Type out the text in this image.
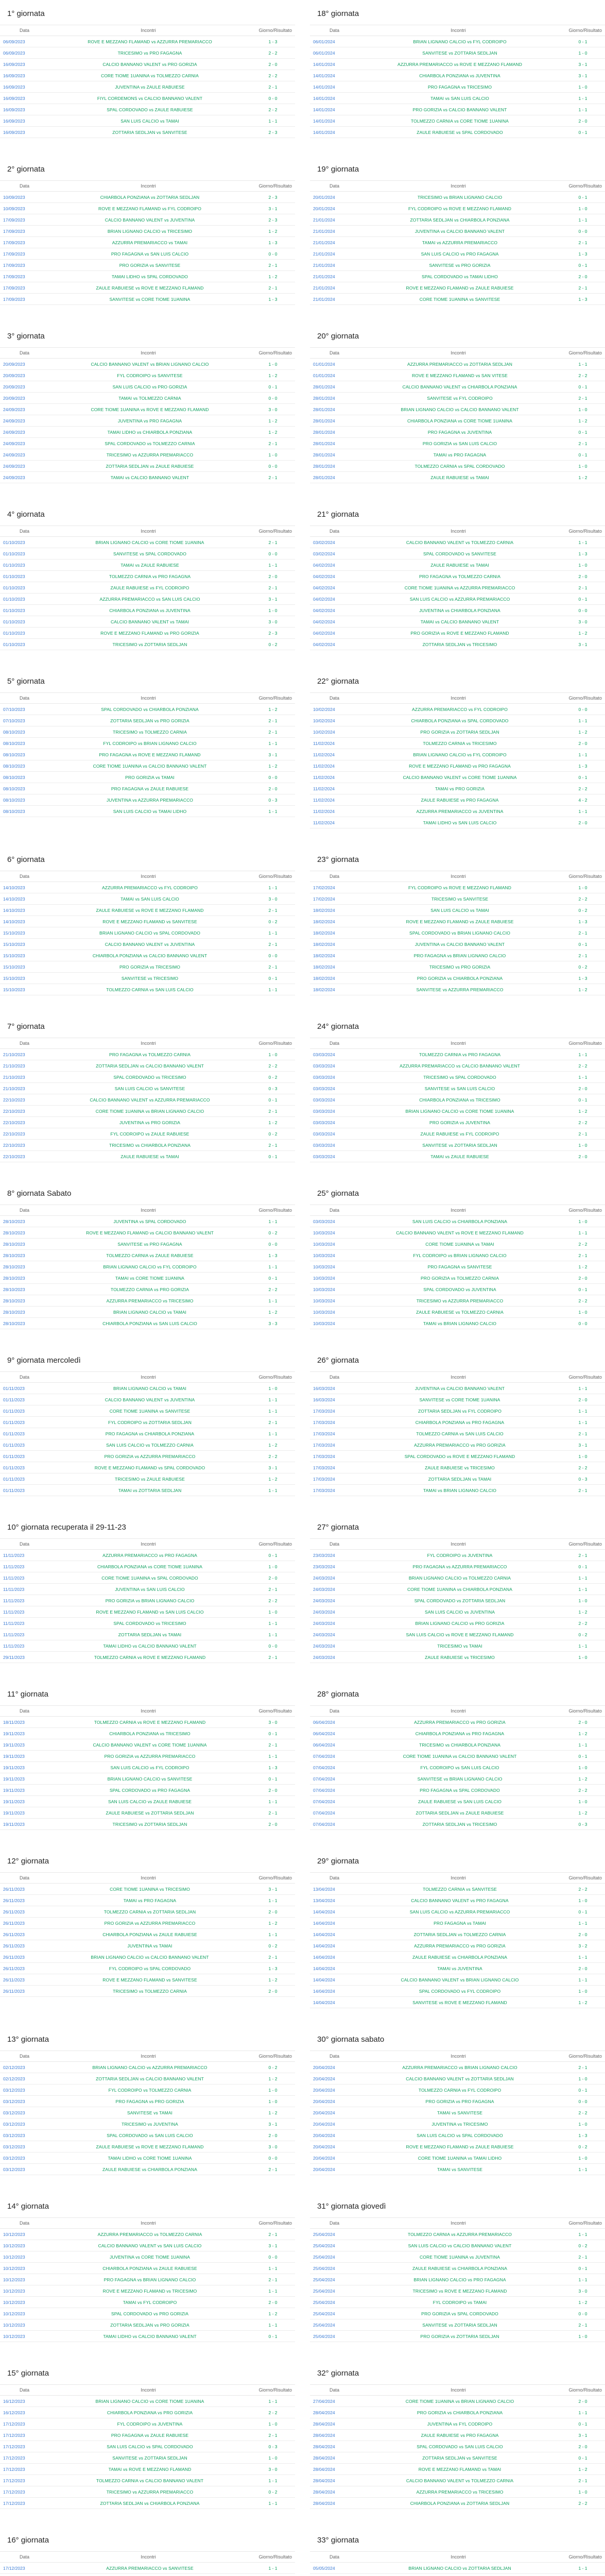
1° giornata
Data	Incontri	Giorno/Risultato
06/09/2023	ROVE E MEZZANO FLAMAND vs AZZURRA PREMARIACCO	1 - 3
06/09/2023	TRICESIMO vs PRO FAGAGNA	2 - 2
16/09/2023	CALCIO BANNANO VALENT vs PRO GORIZIA	2 - 0
16/09/2023	CORE TIOME 1UANINA vs TOLMEZZO CARNIA	2 - 2
16/09/2023	JUVENTINA vs ZAULE RABUIESE	2 - 1
16/09/2023	FIYL CORDEMONS vs CALCIO BANNANO VALENT	0 - 0
16/09/2023	SPAL CORDOVADO vs ZAULE RABUIESE	2 - 2
16/09/2023	SAN LUIS CALCIO vs TAMAI	1 - 1
16/09/2023	ZOTTARIA SEDLJAN vs SANVITESE	2 - 3
18° giornata
Data	Incontri	Giorno/Risultato
06/01/2024	BRIAN LIGNANO CALCIO vs FYL CODROIPO	0 - 1
06/01/2024	SANVITESE vs ZOTTARIA SEDLJAN	1 - 0
14/01/2024	AZZURRA PREMARIACCO vs ROVE E MEZZANO FLAMAND	3 - 1
14/01/2024	CHIARBOLA PONZIANA vs JUVENTINA	3 - 1
14/01/2024	PRO FAGAGNA vs TRICESIMO	1 - 0
14/01/2024	TAMAI vs SAN LUIS CALCIO	1 - 1
14/01/2024	PRO GORIZIA vs CALCIO BANNANO VALENT	1 - 1
14/01/2024	TOLMEZZO CARNIA vs CORE TIOME 1UANINA	2 - 0
14/01/2024	ZAULE RABUIESE vs SPAL CORDOVADO	0 - 1
2° giornata
Data	Incontri	Giorno/Risultato
10/09/2023	CHIARBOLA PONZIANA vs ZOTTARIA SEDLJAN	2 - 3
10/09/2023	ROVE E MEZZANO FLAMAND vs FYL CODROIPO	3 - 1
17/09/2023	CALCIO BANNANO VALENT vs JUVENTINA	2 - 3
17/09/2023	BRIAN LIGNANO CALCIO vs TRICESIMO	1 - 2
17/09/2023	AZZURRA PREMARIACCO vs TAMAI	1 - 3
17/09/2023	PRO FAGAGNA vs SAN LUIS CALCIO	0 - 0
17/09/2023	PRO GORIZIA vs SANVITESE	2 - 1
17/09/2023	TAMAI LIDHO vs SPAL CORDOVADO	1 - 2
17/09/2023	ZAULE RABUIESE vs ROVE E MEZZANO FLAMAND	2 - 1
17/09/2023	SANVITESE vs CORE TIOME 1UANINA	1 - 3
19° giornata
Data	Incontri	Giorno/Risultato
20/01/2024	TRICESIMO vs BRIAN LIGNANO CALCIO	0 - 1
20/01/2024	FYL CODROIPO vs ROVE E MEZZANO FLAMAND	1 - 0
21/01/2024	ZOTTARIA SEDLJAN vs CHIARBOLA PONZIANA	1 - 1
21/01/2024	JUVENTINA vs CALCIO BANNANO VALENT	0 - 0
21/01/2024	TAMAI vs AZZURRA PREMARIACCO	2 - 1
21/01/2024	SAN LUIS CALCIO vs PRO FAGAGNA	1 - 3
21/01/2024	SANVITESE vs PRO GORIZIA	0 - 1
21/01/2024	SPAL CORDOVADO vs TAMAI LIDHO	2 - 0
21/01/2024	ROVE E MEZZANO FLAMAND vs ZAULE RABUIESE	2 - 1
21/01/2024	CORE TIOME 1UANINA vs SANVITESE	1 - 3
3° giornata
Data	Incontri	Giorno/Risultato
20/09/2023	CALCIO BANNANO VALENT vs BRIAN LIGNANO CALCIO	1 - 0
20/09/2023	FYL CODROIPO vs SANVITESE	1 - 2
20/09/2023	SAN LUIS CALCIO vs PRO GORIZIA	0 - 1
20/09/2023	TAMAI vs TOLMEZZO CARNIA	0 - 0
24/09/2023	CORE TIOME 1UANINA vs ROVE E MEZZANO FLAMAND	3 - 0
24/09/2023	JUVENTINA vs PRO FAGAGNA	1 - 2
24/09/2023	TAMAI LIDHO vs CHIARBOLA PONZIANA	1 - 2
24/09/2023	SPAL CORDOVADO vs TOLMEZZO CARNIA	2 - 1
24/09/2023	TRICESIMO vs AZZURRA PREMARIACCO	1 - 0
24/09/2023	ZOTTARIA SEDLJAN vs ZAULE RABUIESE	0 - 0
24/09/2023	TAMAI vs CALCIO BANNANO VALENT	2 - 1
20° giornata
Data	Incontri	Giorno/Risultato
01/01/2024	AZZURRA PREMARIACCO vs ZOTTARIA SEDLJAN	1 - 1
01/01/2024	ROVE E MEZZANO FLAMAND vs SAN VITESE	2 - 2
28/01/2024	CALCIO BANNANO VALENT vs CHIARBOLA PONZIANA	0 - 1
28/01/2024	SANVITESE vs FYL CODROIPO	2 - 1
28/01/2024	BRIAN LIGNANO CALCIO vs CALCIO BANNANO VALENT	1 - 0
28/01/2024	CHIARBOLA PONZIANA vs CORE TIOME 1UANINA	1 - 2
28/01/2024	PRO FAGAGNA vs JUVENTINA	0 - 1
28/01/2024	PRO GORIZIA vs SAN LUIS CALCIO	2 - 1
28/01/2024	TAMAI vs PRO FAGAGNA	0 - 1
28/01/2024	TOLMEZZO CARNIA vs SPAL CORDOVADO	1 - 0
28/01/2024	ZAULE RABUIESE vs TAMAI	1 - 2
4° giornata
Data	Incontri	Giorno/Risultato
01/10/2023	BRIAN LIGNANO CALCIO vs CORE TIOME 1UANINA	2 - 1
01/10/2023	SANVITESE vs SPAL CORDOVADO	0 - 0
01/10/2023	TAMAI vs ZAULE RABUIESE	1 - 1
01/10/2023	TOLMEZZO CARNIA vs PRO FAGAGNA	2 - 0
01/10/2023	ZAULE RABUIESE vs FYL CODROIPO	2 - 1
01/10/2023	AZZURRA PREMARIACCO vs SAN LUIS CALCIO	3 - 1
01/10/2023	CHIARBOLA PONZIANA vs JUVENTINA	1 - 0
01/10/2023	CALCIO BANNANO VALENT vs TAMAI	3 - 0
01/10/2023	ROVE E MEZZANO FLAMAND vs PRO GORIZIA	2 - 3
01/10/2023	TRICESIMO vs ZOTTARIA SEDLJAN	0 - 2
21° giornata
Data	Incontri	Giorno/Risultato
03/02/2024	CALCIO BANNANO VALENT vs TOLMEZZO CARNIA	1 - 1
03/02/2024	SPAL CORDOVADO vs SANVITESE	1 - 3
04/02/2024	ZAULE RABUIESE vs TAMAI	1 - 0
04/02/2024	PRO FAGAGNA vs TOLMEZZO CARNIA	2 - 0
04/02/2024	CORE TIOME 1UANINA vs AZZURRA PREMARIACCO	2 - 1
04/02/2024	SAN LUIS CALCIO vs AZZURRA PREMARIACCO	0 - 1
04/02/2024	JUVENTINA vs CHIARBOLA PONZIANA	0 - 0
04/02/2024	TAMAI vs CALCIO BANNANO VALENT	3 - 0
04/02/2024	PRO GORIZIA vs ROVE E MEZZANO FLAMAND	1 - 2
04/02/2024	ZOTTARIA SEDLJAN vs TRICESIMO	3 - 1
5° giornata
Data	Incontri	Giorno/Risultato
07/10/2023	SPAL CORDOVADO vs CHIARBOLA PONZIANA	1 - 2
07/10/2023	ZOTTARIA SEDLJAN vs PRO GORIZIA	2 - 1
08/10/2023	TRICESIMO vs TOLMEZZO CARNIA	2 - 1
08/10/2023	FYL CODROIPO vs BRIAN LIGNANO CALCIO	1 - 1
08/10/2023	PRO FAGAGNA vs ROVE E MEZZANO FLAMAND	3 - 1
08/10/2023	CORE TIOME 1UANINA vs CALCIO BANNANO VALENT	1 - 2
08/10/2023	PRO GORIZIA vs TAMAI	0 - 0
08/10/2023	PRO FAGAGNA vs ZAULE RABUIESE	2 - 0
08/10/2023	JUVENTINA vs AZZURRA PREMARIACCO	0 - 3
08/10/2023	SAN LUIS CALCIO vs TAMAI LIDHO	1 - 1
22° giornata
Data	Incontri	Giorno/Risultato
10/02/2024	AZZURRA PREMARIACCO vs FYL CODROIPO	0 - 0
10/02/2024	CHIARBOLA PONZIANA vs SPAL CORDOVADO	1 - 1
10/02/2024	PRO GORIZIA vs ZOTTARIA SEDLJAN	1 - 2
11/02/2024	TOLMEZZO CARNIA vs TRICESIMO	2 - 0
11/02/2024	BRIAN LIGNANO CALCIO vs FYL CODROIPO	1 - 1
11/02/2024	ROVE E MEZZANO FLAMAND vs PRO FAGAGNA	1 - 3
11/02/2024	CALCIO BANNANO VALENT vs CORE TIOME 1UANINA	0 - 1
11/02/2024	TAMAI vs PRO GORIZIA	2 - 2
11/02/2024	ZAULE RABUIESE vs PRO FAGAGNA	4 - 2
11/02/2024	AZZURRA PREMARIACCO vs JUVENTINA	1 - 1
11/02/2024	TAMAI LIDHO vs SAN LUIS CALCIO	2 - 0
6° giornata
Data	Incontri	Giorno/Risultato
14/10/2023	AZZURRA PREMARIACCO vs FYL CODROIPO	1 - 1
14/10/2023	TAMAI vs SAN LUIS CALCIO	3 - 0
14/10/2023	ZAULE RABUIESE vs ROVE E MEZZANO FLAMAND	2 - 1
14/10/2023	ROVE E MEZZANO FLAMAND vs SANVITESE	0 - 2
15/10/2023	BRIAN LIGNANO CALCIO vs SPAL CORDOVADO	1 - 1
15/10/2023	CALCIO BANNANO VALENT vs JUVENTINA	2 - 1
15/10/2023	CHIARBOLA PONZIANA vs CALCIO BANNANO VALENT	0 - 0
15/10/2023	PRO GORIZIA vs TRICESIMO	2 - 1
15/10/2023	SANVITESE vs TRICESIMO	0 - 1
15/10/2023	TOLMEZZO CARNIA vs SAN LUIS CALCIO	1 - 1
23° giornata
Data	Incontri	Giorno/Risultato
17/02/2024	FYL CODROIPO vs ROVE E MEZZANO FLAMAND	1 - 0
17/02/2024	TRICESIMO vs SANVITESE	2 - 2
18/02/2024	SAN LUIS CALCIO vs TAMAI	0 - 2
18/02/2024	ROVE E MEZZANO FLAMAND vs ZAULE RABUIESE	1 - 3
18/02/2024	SPAL CORDOVADO vs BRIAN LIGNANO CALCIO	2 - 1
18/02/2024	JUVENTINA vs CALCIO BANNANO VALENT	0 - 1
18/02/2024	PRO FAGAGNA vs BRIAN LIGNANO CALCIO	2 - 1
18/02/2024	TRICESIMO vs PRO GORIZIA	0 - 2
18/02/2024	PRO GORIZIA vs CHIARBOLA PONZIANA	1 - 3
18/02/2024	SANVITESE vs AZZURRA PREMARIACCO	1 - 2
7° giornata
Data	Incontri	Giorno/Risultato
21/10/2023	PRO FAGAGNA vs TOLMEZZO CARNIA	1 - 0
21/10/2023	ZOTTARIA SEDLJAN vs CALCIO BANNANO VALENT	2 - 2
21/10/2023	SPAL CORDOVADO vs TRICESIMO	0 - 2
21/10/2023	SAN LUIS CALCIO vs SANVITESE	0 - 3
22/10/2023	CALCIO BANNANO VALENT vs AZZURRA PREMARIACCO	0 - 1
22/10/2023	CORE TIOME 1UANINA vs BRIAN LIGNANO CALCIO	2 - 1
22/10/2023	JUVENTINA vs PRO GORIZIA	1 - 2
22/10/2023	FYL CODROIPO vs ZAULE RABUIESE	0 - 2
22/10/2023	TRICESIMO vs CHIARBOLA PONZIANA	2 - 1
22/10/2023	ZAULE RABUIESE vs TAMAI	0 - 1
24° giornata
Data	Incontri	Giorno/Risultato
03/03/2024	TOLMEZZO CARNIA vs PRO FAGAGNA	1 - 1
03/03/2024	AZZURRA PREMARIACCO vs CALCIO BANNANO VALENT	2 - 2
03/03/2024	TRICESIMO vs SPAL CORDOVADO	1 - 1
03/03/2024	SANVITESE vs SAN LUIS CALCIO	2 - 0
03/03/2024	CHIARBOLA PONZIANA vs TRICESIMO	0 - 1
03/03/2024	BRIAN LIGNANO CALCIO vs CORE TIOME 1UANINA	1 - 2
03/03/2024	PRO GORIZIA vs JUVENTINA	2 - 2
03/03/2024	ZAULE RABUIESE vs FYL CODROIPO	2 - 1
03/03/2024	SANVITESE vs ZOTTARIA SEDLJAN	1 - 0
03/03/2024	TAMAI vs ZAULE RABUIESE	2 - 0
8° giornata Sabato
Data	Incontri	Giorno/Risultato
28/10/2023	JUVENTINA vs SPAL CORDOVADO	1 - 1
28/10/2023	ROVE E MEZZANO FLAMAND vs CALCIO BANNANO VALENT	0 - 2
28/10/2023	SANVITESE vs PRO FAGAGNA	0 - 0
28/10/2023	TOLMEZZO CARNIA vs ZAULE RABUIESE	1 - 3
28/10/2023	BRIAN LIGNANO CALCIO vs FYL CODROIPO	1 - 1
28/10/2023	TAMAI vs CORE TIOME 1UANINA	0 - 1
28/10/2023	TOLMEZZO CARNIA vs PRO GORIZIA	2 - 2
28/10/2023	AZZURRA PREMARIACCO vs TRICESIMO	1 - 1
28/10/2023	BRIAN LIGNANO CALCIO vs TAMAI	1 - 2
28/10/2023	CHIARBOLA PONZIANA vs SAN LUIS CALCIO	3 - 3
25° giornata
Data	Incontri	Giorno/Risultato
03/03/2024	SAN LUIS CALCIO vs CHIARBOLA PONZIANA	1 - 0
10/03/2024	CALCIO BANNANO VALENT vs ROVE E MEZZANO FLAMAND	1 - 1
10/03/2024	CORE TIOME 1UANINA vs TAMAI	2 - 2
10/03/2024	FYL CODROIPO vs BRIAN LIGNANO CALCIO	2 - 1
10/03/2024	PRO FAGAGNA vs SANVITESE	1 - 2
10/03/2024	PRO GORIZIA vs TOLMEZZO CARNIA	2 - 0
10/03/2024	SPAL CORDOVADO vs JUVENTINA	0 - 1
10/03/2024	TRICESIMO vs AZZURRA PREMARIACCO	2 - 2
10/03/2024	ZAULE RABUIESE vs TOLMEZZO CARNIA	1 - 0
10/03/2024	TAMAI vs BRIAN LIGNANO CALCIO	0 - 0
9° giornata mercoledì
Data	Incontri	Giorno/Risultato
01/11/2023	BRIAN LIGNANO CALCIO vs TAMAI	1 - 0
01/11/2023	CALCIO BANNANO VALENT vs JUVENTINA	1 - 1
01/11/2023	CORE TIOME 1UANINA vs SANVITESE	1 - 1
01/11/2023	FYL CODROIPO vs ZOTTARIA SEDLJAN	2 - 1
01/11/2023	PRO FAGAGNA vs CHIARBOLA PONZIANA	1 - 1
01/11/2023	SAN LUIS CALCIO vs TOLMEZZO CARNIA	1 - 2
01/11/2023	PRO GORIZIA vs AZZURRA PREMARIACCO	2 - 2
01/11/2023	ROVE E MEZZANO FLAMAND vs SPAL CORDOVADO	3 - 1
01/11/2023	TRICESIMO vs ZAULE RABUIESE	1 - 2
01/11/2023	TAMAI vs ZOTTARIA SEDLJAN	1 - 1
26° giornata
Data	Incontri	Giorno/Risultato
16/03/2024	JUVENTINA vs CALCIO BANNANO VALENT	1 - 1
16/03/2024	SANVITESE vs CORE TIOME 1UANINA	2 - 0
17/03/2024	ZOTTARIA SEDLJAN vs FYL CODROIPO	1 - 1
17/03/2024	CHIARBOLA PONZIANA vs PRO FAGAGNA	1 - 1
17/03/2024	TOLMEZZO CARNIA vs SAN LUIS CALCIO	2 - 1
17/03/2024	AZZURRA PREMARIACCO vs PRO GORIZIA	3 - 1
17/03/2024	SPAL CORDOVADO vs ROVE E MEZZANO FLAMAND	1 - 0
17/03/2024	ZAULE RABUIESE vs TRICESIMO	2 - 2
17/03/2024	ZOTTARIA SEDLJAN vs TAMAI	0 - 3
17/03/2024	TAMAI vs BRIAN LIGNANO CALCIO	2 - 1
10° giornata recuperata il 29-11-23
Data	Incontri	Giorno/Risultato
11/11/2023	AZZURRA PREMARIACCO vs PRO FAGAGNA	0 - 1
11/11/2023	CHIARBOLA PONZIANA vs CORE TIOME 1UANINA	1 - 0
11/11/2023	CORE TIOME 1UANINA vs SPAL CORDOVADO	2 - 0
11/11/2023	JUVENTINA vs SAN LUIS CALCIO	2 - 1
11/11/2023	PRO GORIZIA vs BRIAN LIGNANO CALCIO	2 - 2
11/11/2023	ROVE E MEZZANO FLAMAND vs SAN LUIS CALCIO	1 - 0
11/11/2023	SPAL CORDOVADO vs TRICESIMO	1 - 1
11/11/2023	ZOTTARIA SEDLJAN vs TAMAI	1 - 1
11/11/2023	TAMAI LIDHO vs CALCIO BANNANO VALENT	0 - 0
29/11/2023	TOLMEZZO CARNIA vs ROVE E MEZZANO FLAMAND	2 - 1
27° giornata
Data	Incontri	Giorno/Risultato
23/03/2024	FYL CODROIPO vs JUVENTINA	2 - 1
23/03/2024	PRO FAGAGNA vs AZZURRA PREMARIACCO	0 - 1
24/03/2024	BRIAN LIGNANO CALCIO vs TOLMEZZO CARNIA	1 - 1
24/03/2024	CORE TIOME 1UANINA vs CHIARBOLA PONZIANA	1 - 1
24/03/2024	SPAL CORDOVADO vs ZOTTARIA SEDLJAN	1 - 0
24/03/2024	SAN LUIS CALCIO vs JUVENTINA	1 - 2
24/03/2024	BRIAN LIGNANO CALCIO vs PRO GORIZIA	2 - 2
24/03/2024	SAN LUIS CALCIO vs ROVE E MEZZANO FLAMAND	0 - 2
24/03/2024	TRICESIMO vs TAMAI	1 - 1
24/03/2024	ZAULE RABUIESE vs TRICESIMO	1 - 0
11° giornata
Data	Incontri	Giorno/Risultato
18/11/2023	TOLMEZZO CARNIA vs ROVE E MEZZANO FLAMAND	3 - 0
19/11/2023	CHIARBOLA PONZIANA vs TRICESIMO	0 - 1
19/11/2023	CALCIO BANNANO VALENT vs CORE TIOME 1UANINA	2 - 1
19/11/2023	PRO GORIZIA vs AZZURRA PREMARIACCO	1 - 1
19/11/2023	SAN LUIS CALCIO vs FYL CODROIPO	1 - 3
19/11/2023	BRIAN LIGNANO CALCIO vs SANVITESE	0 - 1
19/11/2023	SPAL CORDOVADO vs PRO FAGAGNA	2 - 0
19/11/2023	SAN LUIS CALCIO vs ZAULE RABUIESE	1 - 1
19/11/2023	ZAULE RABUIESE vs ZOTTARIA SEDLJAN	2 - 1
19/11/2023	TRICESIMO vs ZOTTARIA SEDLJAN	2 - 0
28° giornata
Data	Incontri	Giorno/Risultato
06/04/2024	AZZURRA PREMARIACCO vs PRO GORIZIA	2 - 0
06/04/2024	CHIARBOLA PONZIANA vs PRO FAGAGNA	1 - 2
06/04/2024	TRICESIMO vs CHIARBOLA PONZIANA	1 - 1
07/04/2024	CORE TIOME 1UANINA vs CALCIO BANNANO VALENT	0 - 1
07/04/2024	FYL CODROIPO vs SAN LUIS CALCIO	1 - 0
07/04/2024	SANVITESE vs BRIAN LIGNANO CALCIO	1 - 2
07/04/2024	PRO FAGAGNA vs SPAL CORDOVADO	2 - 2
07/04/2024	ZAULE RABUIESE vs SAN LUIS CALCIO	1 - 0
07/04/2024	ZOTTARIA SEDLJAN vs ZAULE RABUIESE	1 - 2
07/04/2024	ZOTTARIA SEDLJAN vs TRICESIMO	0 - 3
12° giornata
Data	Incontri	Giorno/Risultato
26/11/2023	CORE TIOME 1UANINA vs TRICESIMO	3 - 1
26/11/2023	TAMAI vs PRO FAGAGNA	1 - 1
26/11/2023	TOLMEZZO CARNIA vs ZOTTARIA SEDLJAN	2 - 0
26/11/2023	PRO GORIZIA vs AZZURRA PREMARIACCO	1 - 2
26/11/2023	CHIARBOLA PONZIANA vs ZAULE RABUIESE	1 - 1
26/11/2023	JUVENTINA vs TAMAI	0 - 2
26/11/2023	BRIAN LIGNANO CALCIO vs CALCIO BANNANO VALENT	2 - 1
26/11/2023	FYL CODROIPO vs SPAL CORDOVADO	1 - 3
26/11/2023	ROVE E MEZZANO FLAMAND vs SANVITESE	1 - 2
26/11/2023	TRICESIMO vs TOLMEZZO CARNIA	2 - 0
29° giornata
Data	Incontri	Giorno/Risultato
13/04/2024	TOLMEZZO CARNIA vs SANVITESE	2 - 2
13/04/2024	CALCIO BANNANO VALENT vs PRO FAGAGNA	1 - 0
14/04/2024	SAN LUIS CALCIO vs AZZURRA PREMARIACCO	0 - 1
14/04/2024	PRO FAGAGNA vs TAMAI	1 - 1
14/04/2024	ZOTTARIA SEDLJAN vs TOLMEZZO CARNIA	2 - 0
14/04/2024	AZZURRA PREMARIACCO vs PRO GORIZIA	3 - 2
14/04/2024	ZAULE RABUIESE vs CHIARBOLA PONZIANA	1 - 1
14/04/2024	TAMAI vs JUVENTINA	2 - 0
14/04/2024	CALCIO BANNANO VALENT vs BRIAN LIGNANO CALCIO	1 - 1
14/04/2024	SPAL CORDOVADO vs FYL CODROIPO	1 - 0
14/04/2024	SANVITESE vs ROVE E MEZZANO FLAMAND	1 - 2
13° giornata
Data	Incontri	Giorno/Risultato
02/12/2023	BRIAN LIGNANO CALCIO vs AZZURRA PREMARIACCO	0 - 2
02/12/2023	ZOTTARIA SEDLJAN vs CALCIO BANNANO VALENT	1 - 2
03/12/2023	FYL CODROIPO vs TOLMEZZO CARNIA	1 - 0
03/12/2023	PRO FAGAGNA vs PRO GORIZIA	1 - 0
03/12/2023	SANVITESE vs TAMAI	1 - 2
03/12/2023	TRICESIMO vs JUVENTINA	3 - 1
03/12/2023	SPAL CORDOVADO vs SAN LUIS CALCIO	2 - 0
03/12/2023	ZAULE RABUIESE vs ROVE E MEZZANO FLAMAND	3 - 0
03/12/2023	TAMAI LIDHO vs CORE TIOME 1UANINA	0 - 0
03/12/2023	ZAULE RABUIESE vs CHIARBOLA PONZIANA	2 - 1
30° giornata sabato
Data	Incontri	Giorno/Risultato
20/04/2024	AZZURRA PREMARIACCO vs BRIAN LIGNANO CALCIO	2 - 1
20/04/2024	CALCIO BANNANO VALENT vs ZOTTARIA SEDLJAN	1 - 0
20/04/2024	TOLMEZZO CARNIA vs FYL CODROIPO	0 - 1
20/04/2024	PRO GORIZIA vs PRO FAGAGNA	0 - 0
20/04/2024	TAMAI vs SANVITESE	2 - 2
20/04/2024	JUVENTINA vs TRICESIMO	1 - 0
20/04/2024	SAN LUIS CALCIO vs SPAL CORDOVADO	1 - 3
20/04/2024	ROVE E MEZZANO FLAMAND vs ZAULE RABUIESE	0 - 2
20/04/2024	CORE TIOME 1UANINA vs TAMAI LIDHO	1 - 0
20/04/2024	TAMAI vs SANVITESE	1 - 1
14° giornata
Data	Incontri	Giorno/Risultato
10/12/2023	AZZURRA PREMARIACCO vs TOLMEZZO CARNIA	2 - 1
10/12/2023	CALCIO BANNANO VALENT vs SAN LUIS CALCIO	3 - 1
10/12/2023	JUVENTINA vs CORE TIOME 1UANINA	0 - 0
10/12/2023	CHIARBOLA PONZIANA vs ZAULE RABUIESE	1 - 1
10/12/2023	PRO FAGAGNA vs BRIAN LIGNANO CALCIO	2 - 1
10/12/2023	ROVE E MEZZANO FLAMAND vs TRICESIMO	1 - 1
10/12/2023	TAMAI vs FYL CODROIPO	2 - 0
10/12/2023	SPAL CORDOVADO vs PRO GORIZIA	1 - 2
10/12/2023	ZOTTARIA SEDLJAN vs PRO GORIZIA	1 - 1
10/12/2023	TAMAI LIDHO vs CALCIO BANNANO VALENT	0 - 1
31° giornata giovedì
Data	Incontri	Giorno/Risultato
25/04/2024	TOLMEZZO CARNIA vs AZZURRA PREMARIACCO	1 - 1
25/04/2024	SAN LUIS CALCIO vs CALCIO BANNANO VALENT	0 - 2
25/04/2024	CORE TIOME 1UANINA vs JUVENTINA	2 - 1
25/04/2024	ZAULE RABUIESE vs CHIARBOLA PONZIANA	0 - 1
25/04/2024	BRIAN LIGNANO CALCIO vs PRO FAGAGNA	1 - 1
25/04/2024	TRICESIMO vs ROVE E MEZZANO FLAMAND	3 - 0
25/04/2024	FYL CODROIPO vs TAMAI	1 - 2
25/04/2024	PRO GORIZIA vs SPAL CORDOVADO	0 - 0
25/04/2024	SANVITESE vs ZOTTARIA SEDLJAN	2 - 1
25/04/2024	PRO GORIZIA vs ZOTTARIA SEDLJAN	1 - 0
15° giornata
Data	Incontri	Giorno/Risultato
16/12/2023	BRIAN LIGNANO CALCIO vs CORE TIOME 1UANINA	1 - 1
16/12/2023	CHIARBOLA PONZIANA vs PRO GORIZIA	2 - 2
17/12/2023	FYL CODROIPO vs JUVENTINA	1 - 0
17/12/2023	PRO FAGAGNA vs ZAULE RABUIESE	2 - 1
17/12/2023	SAN LUIS CALCIO vs SPAL CORDOVADO	0 - 3
17/12/2023	SANVITESE vs ZOTTARIA SEDLJAN	1 - 0
17/12/2023	TAMAI vs ROVE E MEZZANO FLAMAND	3 - 0
17/12/2023	TOLMEZZO CARNIA vs CALCIO BANNANO VALENT	1 - 1
17/12/2023	TRICESIMO vs AZZURRA PREMARIACCO	0 - 2
17/12/2023	ZOTTARIA SEDLJAN vs CHIARBOLA PONZIANA	1 - 1
32° giornata
Data	Incontri	Giorno/Risultato
27/04/2024	CORE TIOME 1UANINA vs BRIAN LIGNANO CALCIO	2 - 0
28/04/2024	PRO GORIZIA vs CHIARBOLA PONZIANA	1 - 1
28/04/2024	JUVENTINA vs FYL CODROIPO	0 - 1
28/04/2024	ZAULE RABUIESE vs PRO FAGAGNA	3 - 1
28/04/2024	SPAL CORDOVADO vs SAN LUIS CALCIO	2 - 0
28/04/2024	ZOTTARIA SEDLJAN vs SANVITESE	0 - 1
28/04/2024	ROVE E MEZZANO FLAMAND vs TAMAI	1 - 2
28/04/2024	CALCIO BANNANO VALENT vs TOLMEZZO CARNIA	2 - 1
28/04/2024	AZZURRA PREMARIACCO vs TRICESIMO	1 - 0
28/04/2024	CHIARBOLA PONZIANA vs ZOTTARIA SEDLJAN	2 - 2
16° giornata
Data	Incontri	Giorno/Risultato
17/12/2023	AZZURRA PREMARIACCO vs SANVITESE	1 - 1
33° giornata
Data	Incontri	Giorno/Risultato
05/05/2024	BRIAN LIGNANO CALCIO vs ZOTTARIA SEDLJAN	1 - 1
